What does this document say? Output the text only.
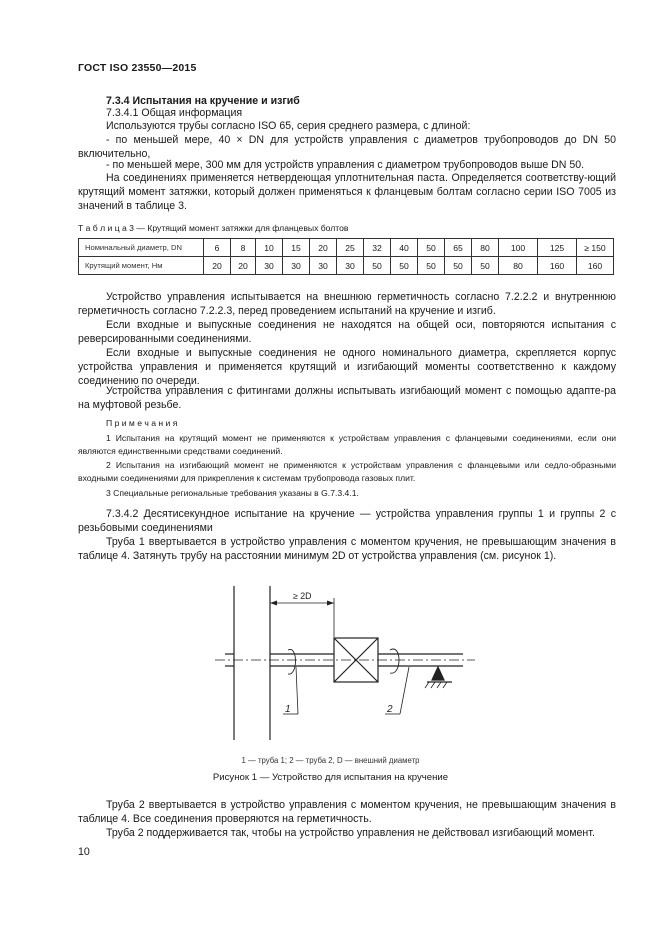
ГОСТ ISO 23550—2015

7.3.4 Испытания на кручение и изгиб

7.3.4.1 Общая информация

Используются трубы согласно ISO 65, серия среднего размера, с длиной:

- по меньшей мере, 40 × DN для устройств управления с диаметров трубопроводов до DN 50 включительно,

- по меньшей мере, 300 мм для устройств управления с диаметром трубопроводов выше DN 50.

На соединениях применяется нетвердеющая уплотнительная паста. Определяется соответству-ющий крутящий момент затяжки, который должен применяться к фланцевым болтам согласно серии ISO 7005 из значений в таблице 3.

Т а б л и ц а 3 — Крутящий момент затяжки для фланцевых болтов
Номинальный диаметр, DN	6	8	10	15	20	25	32	40	50	65	80	100	125	≥ 150
Крутящий момент, Нм	20	20	30	30	30	30	50	50	50	50	50	80	160	160

Устройство управления испытывается на внешнюю герметичность согласно 7.2.2.2 и внутреннюю герметичность согласно 7.2.2.3, перед проведением испытаний на кручение и изгиб.

Если входные и выпускные соединения не находятся на общей оси, повторяются испытания с реверсированными соединениями.

Если входные и выпускные соединения не одного номинального диаметра, скрепляется корпус устройства управления и применяется крутящий и изгибающий моменты соответственно к каждому соединению по очереди.

Устройства управления с фитингами должны испытывать изгибающий момент с помощью адапте-ра на муфтовой резьбе.

П р и м е ч а н и я

1 Испытания на крутящий момент не применяются к устройствам управления с фланцевыми соединениями, если они являются единственными средствами соединений.

2 Испытания на изгибающий момент не применяются к устройствам управления с фланцевыми или седло-образными входными соединениями для прикрепления к системам трубопровода газовых плит.

3 Специальные региональные требования указаны в G.7.3.4.1.

7.3.4.2 Десятисекундное испытание на кручение — устройства управления группы 1 и группы 2 с резьбовыми соединениями

Труба 1 ввертывается в устройство управления с моментом кручения, не превышающим значения в таблице 4. Затянуть трубу на расстоянии минимум 2D от устройства управления (см. рисунок 1).

≥ 2D
1	2
1 — труба 1; 2 — труба 2, D — внешний диаметр
Рисунок 1 — Устройство для испытания на кручение

Труба 2 ввертывается в устройство управления с моментом кручения, не превышающим значения в таблице 4. Все соединения проверяются на герметичность.

Труба 2 поддерживается так, чтобы на устройство управления не действовал изгибающий момент.

10
